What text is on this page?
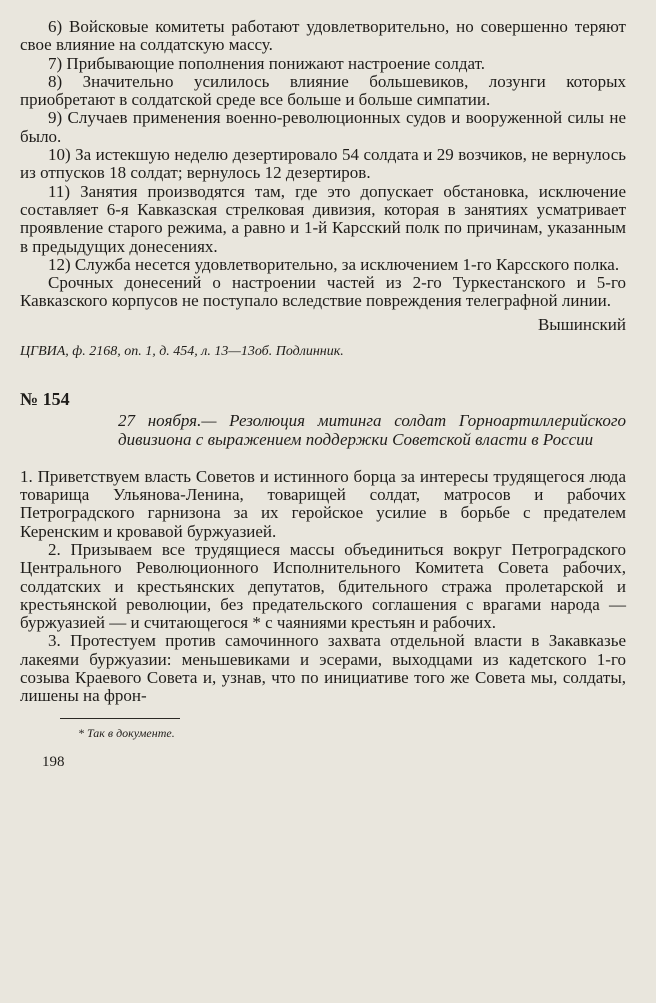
6) Войсковые комитеты работают удовлетворительно, но совершенно теряют свое влияние на солдатскую массу.

7) Прибывающие пополнения понижают настроение солдат.

8) Значительно усилилось влияние большевиков, лозунги которых приобретают в солдатской среде все больше и больше симпатии.

9) Случаев применения военно-революционных судов и вооруженной силы не было.

10) За истекшую неделю дезертировало 54 солдата и 29 возчиков, не вернулось из отпусков 18 солдат; вернулось 12 дезертиров.

11) Занятия производятся там, где это допускает обстановка, исключение составляет 6-я Кавказская стрелковая дивизия, которая в занятиях усматривает проявление старого режима, а равно и 1-й Карсский полк по причинам, указанным в предыдущих донесениях.

12) Служба несется удовлетворительно, за исключением 1-го Карсского полка.

Срочных донесений о настроении частей из 2-го Туркестанского и 5-го Кавказского корпусов не поступало вследствие повреждения телеграфной линии.

Вышинский

ЦГВИА, ф. 2168, оп. 1, д. 454, л. 13—13об. Подлинник.

№ 154
27 ноября.— Резолюция митинга солдат Горноартиллерийского дивизиона с выражением поддержки Советской власти в России

1. Приветствуем власть Советов и истинного борца за интересы трудящегося люда товарища Ульянова-Ленина, товарищей солдат, матросов и рабочих Петроградского гарнизона за их геройское усилие в борьбе с предателем Керенским и кровавой буржуазией.

2. Призываем все трудящиеся массы объединиться вокруг Петроградского Центрального Революционного Исполнительного Комитета Совета рабочих, солдатских и крестьянских депутатов, бдительного стража пролетарской и крестьянской революции, без предательского соглашения с врагами народа — буржуазией — и считающегося * с чаяниями крестьян и рабочих.

3. Протестуем против самочинного захвата отдельной власти в Закавказье лакеями буржуазии: меньшевиками и эсерами, выходцами из кадетского 1-го созыва Краевого Совета и, узнав, что по инициативе того же Совета мы, солдаты, лишены на фрон-

* Так в документе.
198
